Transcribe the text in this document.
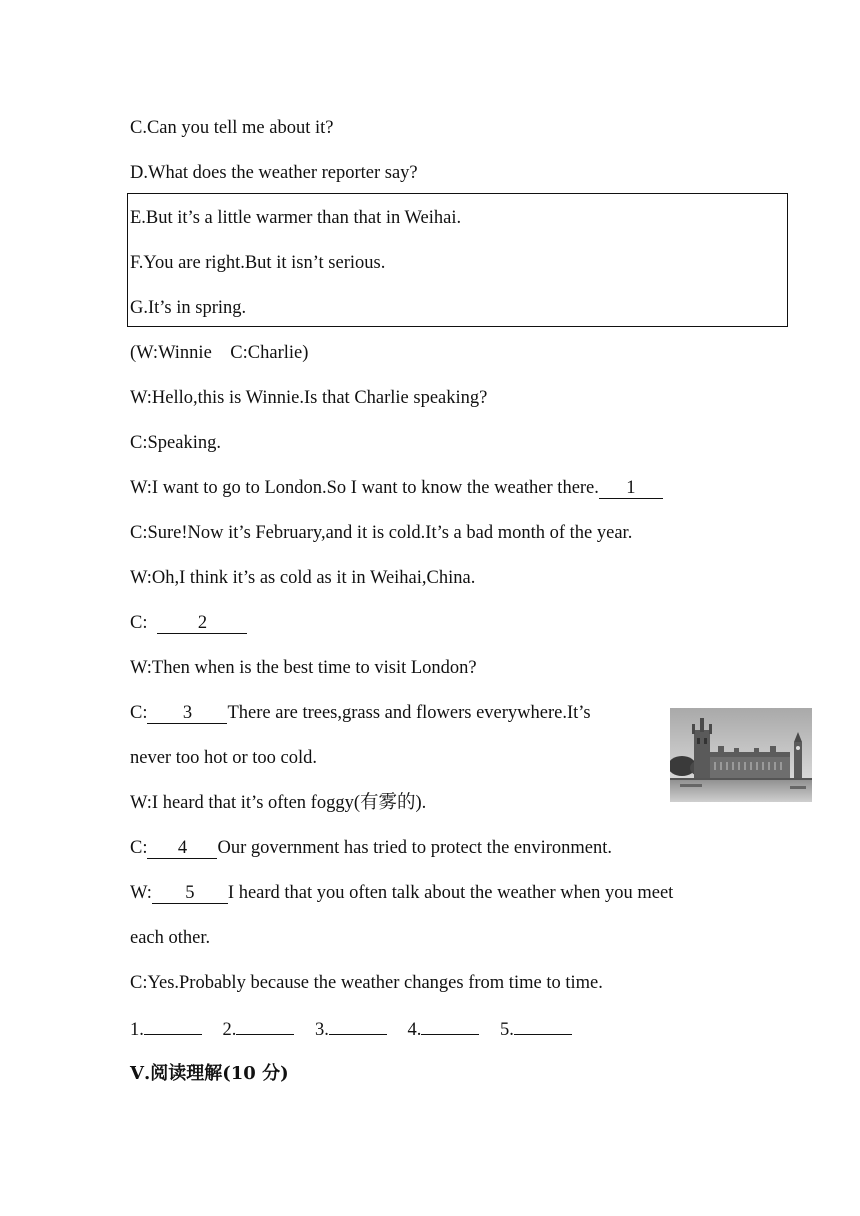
C.Can you tell me about it?
D.What does the weather reporter say?
E.But it’s a little warmer than that in Weihai.
F.You are right.But it isn’t serious.
G.It’s in spring.
(W:Winnie    C:Charlie)
W:Hello,this is Winnie.Is that Charlie speaking?
C:Speaking.
W:I want to go to London.So I want to know the weather there. 1
C:Sure!Now it’s February,and it is cold.It’s a bad month of the year.
W:Oh,I think it’s as cold as it in Weihai,China.
C:	2
W:Then when is the best time to visit London?
C: 3 There are trees,grass and flowers everywhere.It’s
never too hot or too cold.
W:I heard that it’s often foggy(有雾的).
C: 4 Our government has tried to protect the environment.
W: 5 I heard that you often talk about the weather when you meet
each other.
C:Yes.Probably because the weather changes from time to time.
1.	2.	3.	4.	5.
Ⅴ.阅读理解(10 分)
